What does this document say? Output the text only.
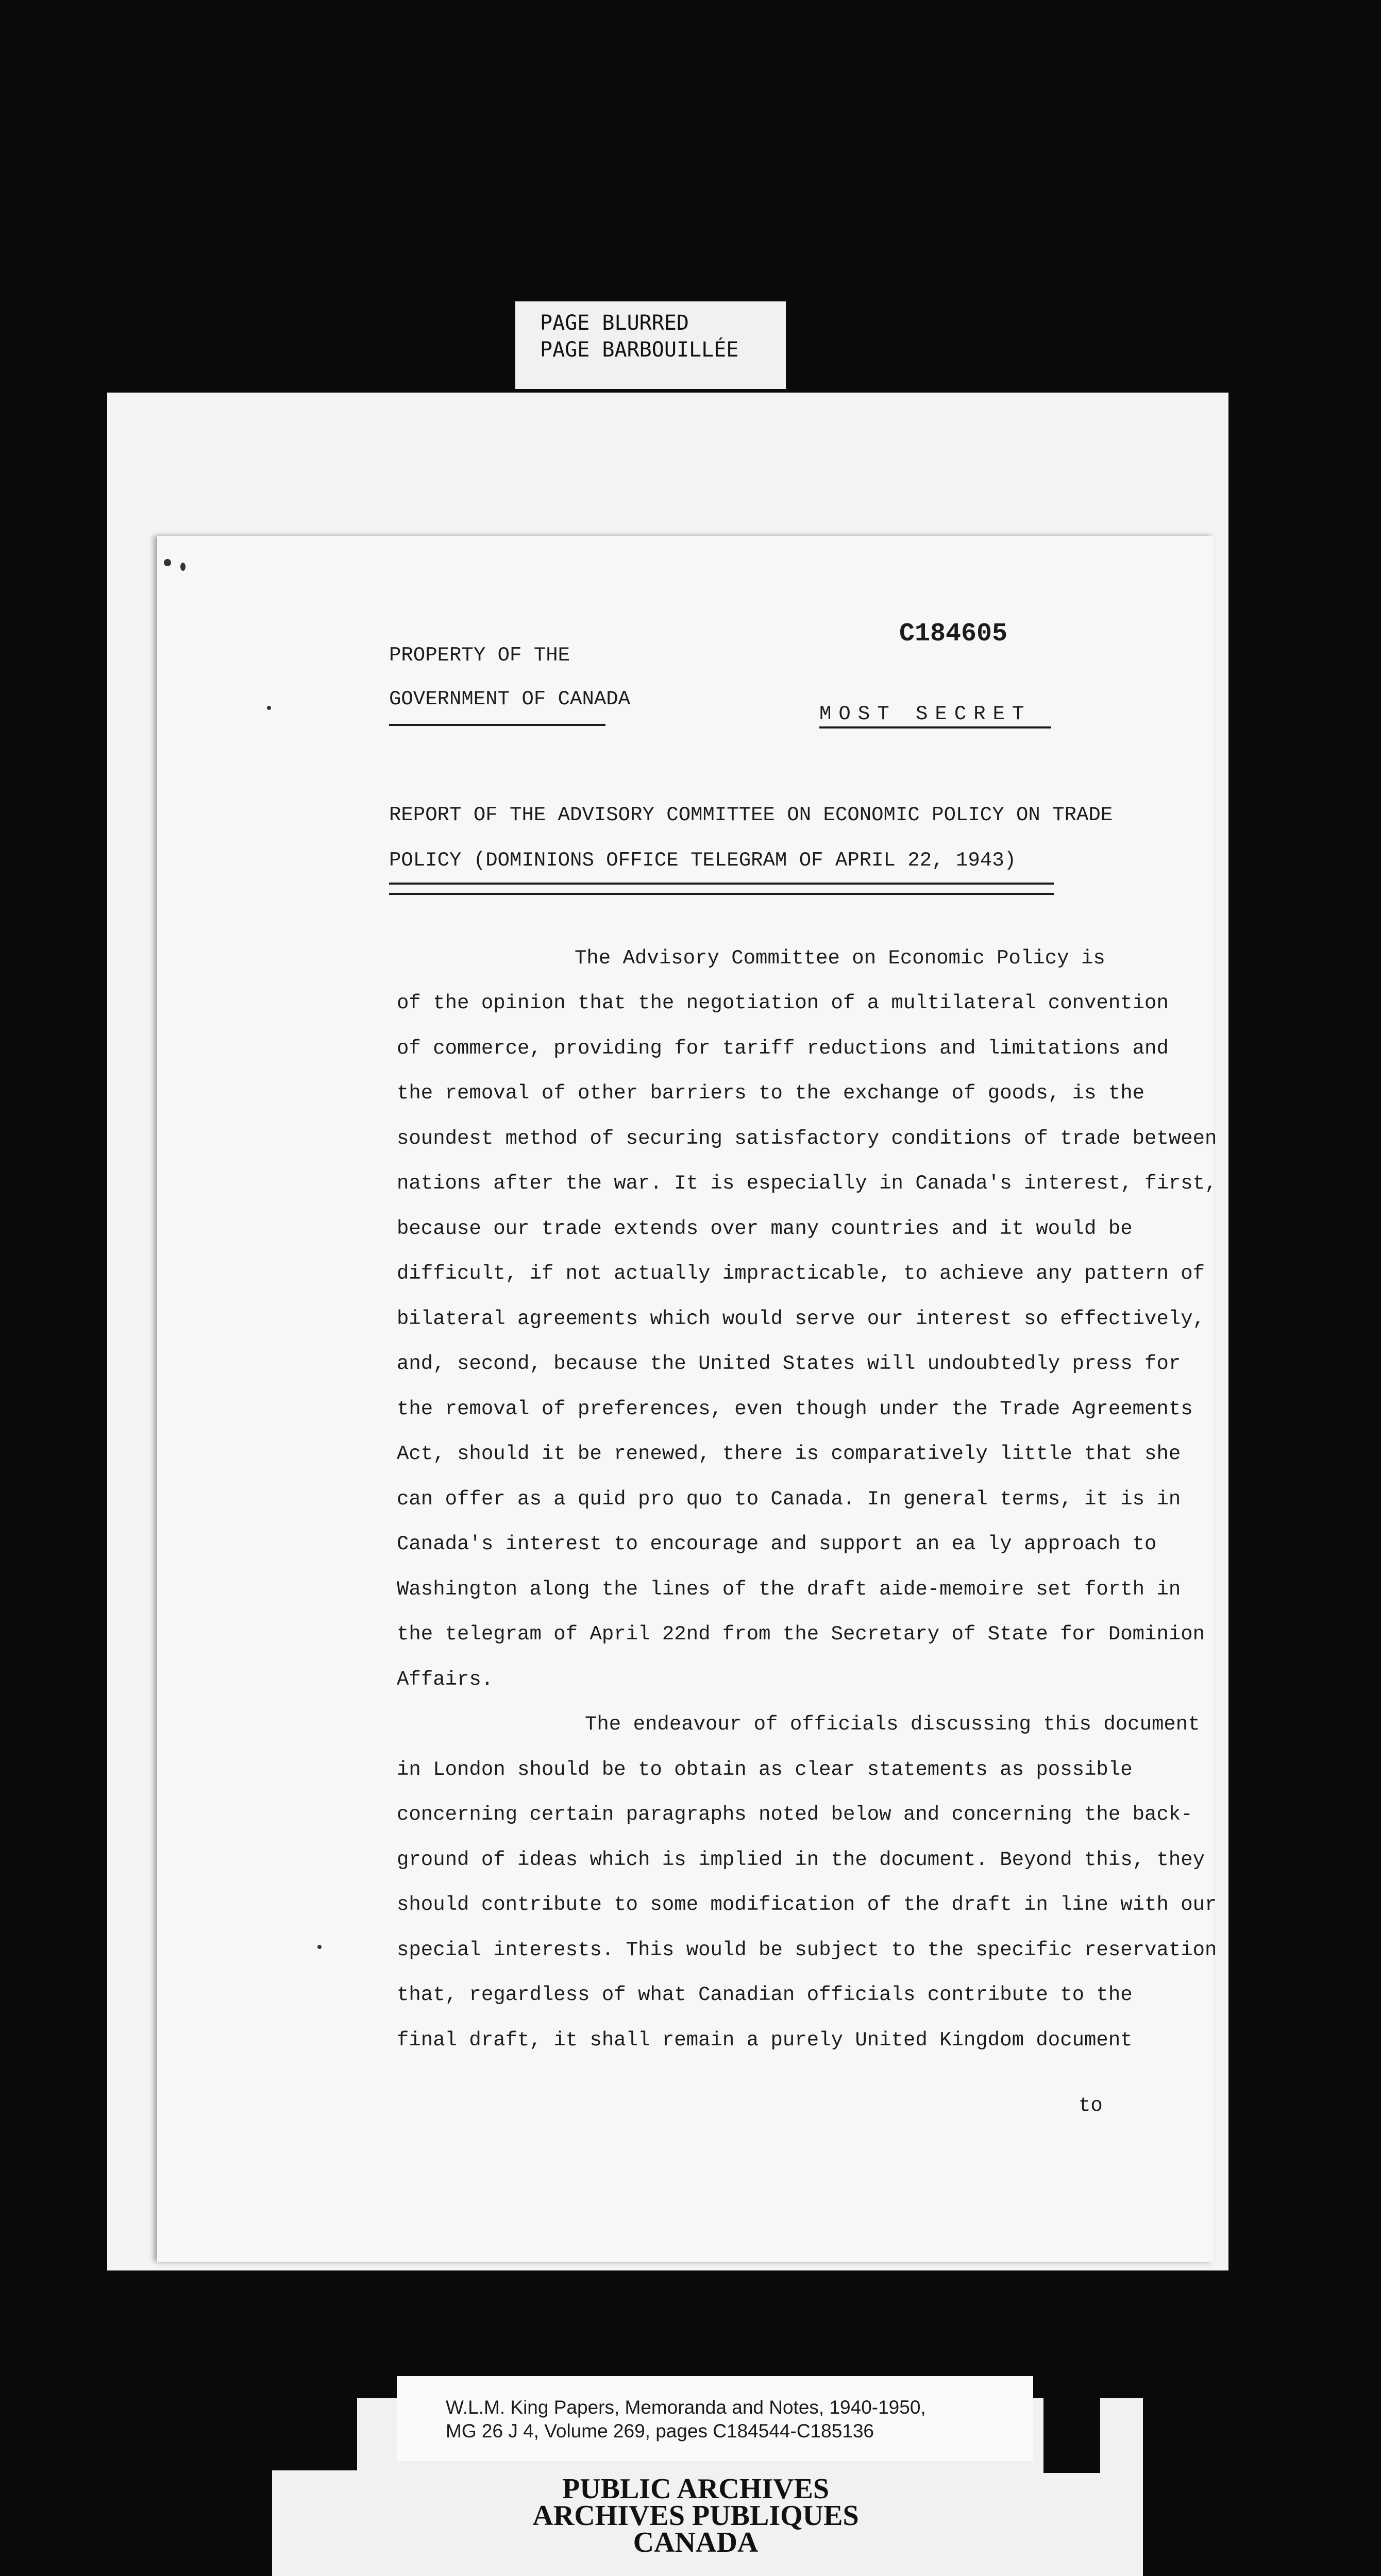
PAGE BLURRED
PAGE BARBOUILLÉE
C184605
PROPERTY OF THE
GOVERNMENT OF CANADA
MOST SECRET
REPORT OF THE ADVISORY COMMITTEE ON ECONOMIC POLICY ON TRADE
POLICY (DOMINIONS OFFICE TELEGRAM OF APRIL 22, 1943)
The Advisory Committee on Economic Policy is
of the opinion that the negotiation of a multilateral convention
of commerce, providing for tariff reductions and limitations and
the removal of other barriers to the exchange of goods, is the
soundest method of securing satisfactory conditions of trade between
nations after the war. It is especially in Canada's interest, first,
because our trade extends over many countries and it would be
difficult, if not actually impracticable, to achieve any pattern of
bilateral agreements which would serve our interest so effectively,
and, second, because the United States will undoubtedly press for
the removal of preferences, even though under the Trade Agreements
Act, should it be renewed, there is comparatively little that she
can offer as a quid pro quo to Canada. In general terms, it is in
Canada's interest to encourage and support an ea ly approach to
Washington along the lines of the draft aide-memoire set forth in
the telegram of April 22nd from the Secretary of State for Dominion
Affairs.
The endeavour of officials discussing this document
in London should be to obtain as clear statements as possible
concerning certain paragraphs noted below and concerning the back-
ground of ideas which is implied in the document. Beyond this, they
should contribute to some modification of the draft in line with our
special interests. This would be subject to the specific reservation
that, regardless of what Canadian officials contribute to the
final draft, it shall remain a purely United Kingdom document
to
W.L.M. King Papers, Memoranda and Notes, 1940-1950,
MG 26 J 4, Volume 269, pages C184544-C185136
PUBLIC ARCHIVES
ARCHIVES PUBLIQUES
CANADA
